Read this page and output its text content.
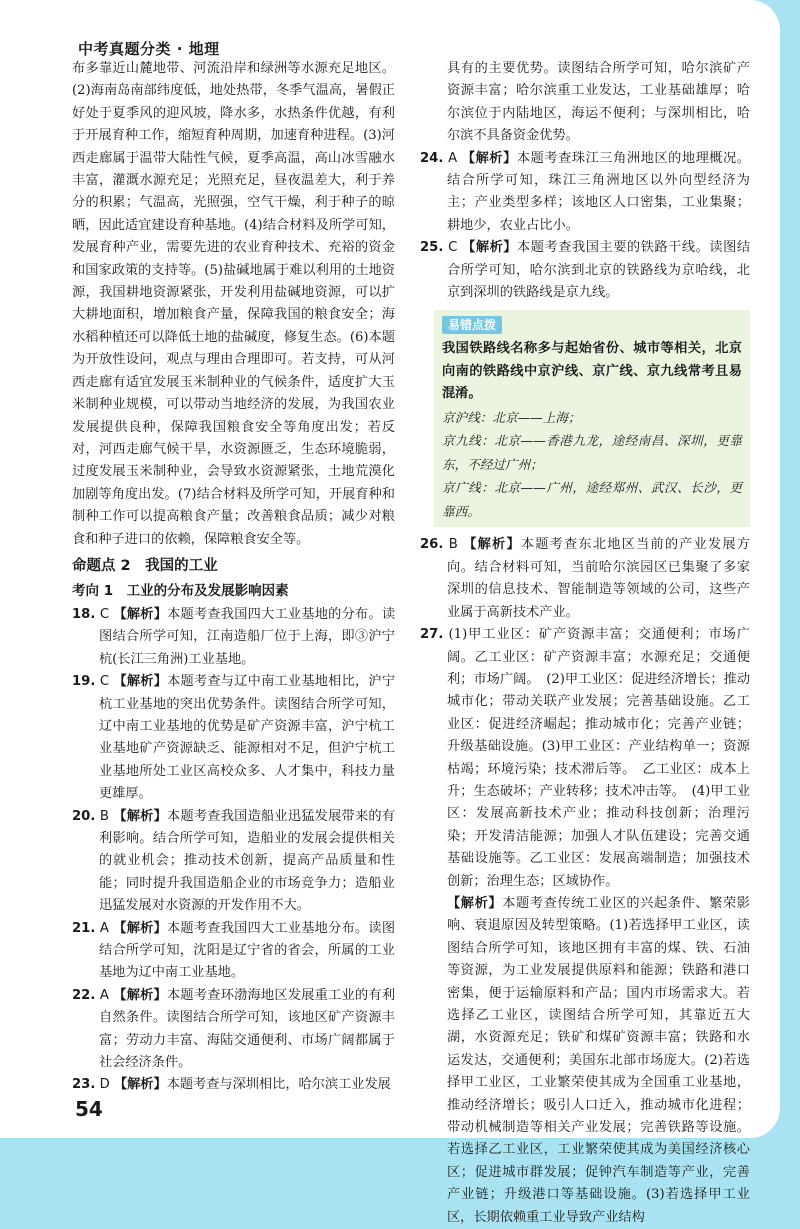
中考真题分类 · 地理

布多靠近山麓地带、河流沿岸和绿洲等水源充足地区。(2)海南岛南部纬度低，地处热带，冬季气温高，暑假正好处于夏季风的迎风坡，降水多，水热条件优越，有利于开展育种工作，缩短育种周期，加速育种进程。(3)河西走廊属于温带大陆性气候，夏季高温，高山冰雪融水丰富，灌溉水源充足；光照充足，昼夜温差大，利于养分的积累；气温高，光照强，空气干燥，利于种子的晾晒，因此适宜建设育种基地。(4)结合材料及所学可知，发展育种产业，需要先进的农业育种技术、充裕的资金和国家政策的支持等。(5)盐碱地属于难以利用的土地资源，我国耕地资源紧张，开发利用盐碱地资源，可以扩大耕地面积，增加粮食产量，保障我国的粮食安全；海水稻种植还可以降低土地的盐碱度，修复生态。(6)本题为开放性设问，观点与理由合理即可。若支持，可从河西走廊有适宜发展玉米制种业的气候条件，适度扩大玉米制种业规模，可以带动当地经济的发展，为我国农业发展提供良种，保障我国粮食安全等角度出发；若反对，河西走廊气候干旱，水资源匮乏，生态环境脆弱，过度发展玉米制种业，会导致水资源紧张，土地荒漠化加剧等角度出发。(7)结合材料及所学可知，开展育种和制种工作可以提高粮食产量；改善粮食品质；减少对粮食和种子进口的依赖，保障粮食安全等。

命题点 2　我国的工业
考向 1　工业的分布及发展影响因素

18. C 【解析】本题考查我国四大工业基地的分布。读图结合所学可知，江南造船厂位于上海，即③沪宁杭(长江三角洲)工业基地。

19. C 【解析】本题考查与辽中南工业基地相比，沪宁杭工业基地的突出优势条件。读图结合所学可知，辽中南工业基地的优势是矿产资源丰富，沪宁杭工业基地矿产资源缺乏、能源相对不足，但沪宁杭工业基地所处工业区高校众多、人才集中，科技力量更雄厚。

20. B 【解析】本题考查我国造船业迅猛发展带来的有利影响。结合所学可知，造船业的发展会提供相关的就业机会；推动技术创新，提高产品质量和性能；同时提升我国造船企业的市场竞争力；造船业迅猛发展对水资源的开发作用不大。

21. A 【解析】本题考查我国四大工业基地分布。读图结合所学可知，沈阳是辽宁省的省会，所属的工业基地为辽中南工业基地。

22. A 【解析】本题考查环渤海地区发展重工业的有利自然条件。读图结合所学可知，该地区矿产资源丰富；劳动力丰富、海陆交通便利、市场广阔都属于社会经济条件。

23. D 【解析】本题考查与深圳相比，哈尔滨工业发展

具有的主要优势。读图结合所学可知，哈尔滨矿产资源丰富；哈尔滨重工业发达，工业基础雄厚；哈尔滨位于内陆地区，海运不便利；与深圳相比，哈尔滨不具备资金优势。

24. A 【解析】本题考查珠江三角洲地区的地理概况。结合所学可知，珠江三角洲地区以外向型经济为主；产业类型多样；该地区人口密集，工业集聚；耕地少，农业占比小。

25. C 【解析】本题考查我国主要的铁路干线。读图结合所学可知，哈尔滨到北京的铁路线为京哈线，北京到深圳的铁路线是京九线。

易错点拨

我国铁路线名称多与起始省份、城市等相关，北京向南的铁路线中京沪线、京广线、京九线常考且易混淆。

京沪线：北京——上海；

京九线：北京——香港九龙，途经南昌、深圳，更靠东，不经过广州；

京广线：北京——广州，途经郑州、武汉、长沙，更靠西。

26. B 【解析】本题考查东北地区当前的产业发展方向。结合材料可知，当前哈尔滨园区已集聚了多家深圳的信息技术、智能制造等领域的公司，这些产业属于高新技术产业。

27. (1)甲工业区：矿产资源丰富；交通便利；市场广阔。乙工业区：矿产资源丰富；水源充足；交通便利；市场广阔。　(2)甲工业区：促进经济增长；推动城市化；带动关联产业发展；完善基础设施。乙工业区：促进经济崛起；推动城市化；完善产业链；升级基础设施。(3)甲工业区：产业结构单一；资源枯竭；环境污染；技术滞后等。　乙工业区：成本上升；生态破坏；产业转移；技术冲击等。　(4)甲工业区：发展高新技术产业；推动科技创新；治理污染；开发清洁能源；加强人才队伍建设；完善交通基础设施等。乙工业区：发展高端制造；加强技术创新；治理生态；区域协作。

【解析】本题考查传统工业区的兴起条件、繁荣影响、衰退原因及转型策略。(1)若选择甲工业区，读图结合所学可知，该地区拥有丰富的煤、铁、石油等资源，为工业发展提供原料和能源；铁路和港口密集，便于运输原料和产品；国内市场需求大。若选择乙工业区，读图结合所学可知，其靠近五大湖，水资源充足；铁矿和煤矿资源丰富；铁路和水运发达，交通便利；美国东北部市场庞大。(2)若选择甲工业区，工业繁荣使其成为全国重工业基地，推动经济增长；吸引人口迁入，推动城市化进程；带动机械制造等相关产业发展；完善铁路等设施。若选择乙工业区，工业繁荣使其成为美国经济核心区；促进城市群发展；促钟汽车制造等产业，完善产业链；升级港口等基础设施。(3)若选择甲工业区，长期依赖重工业导致产业结构

54
